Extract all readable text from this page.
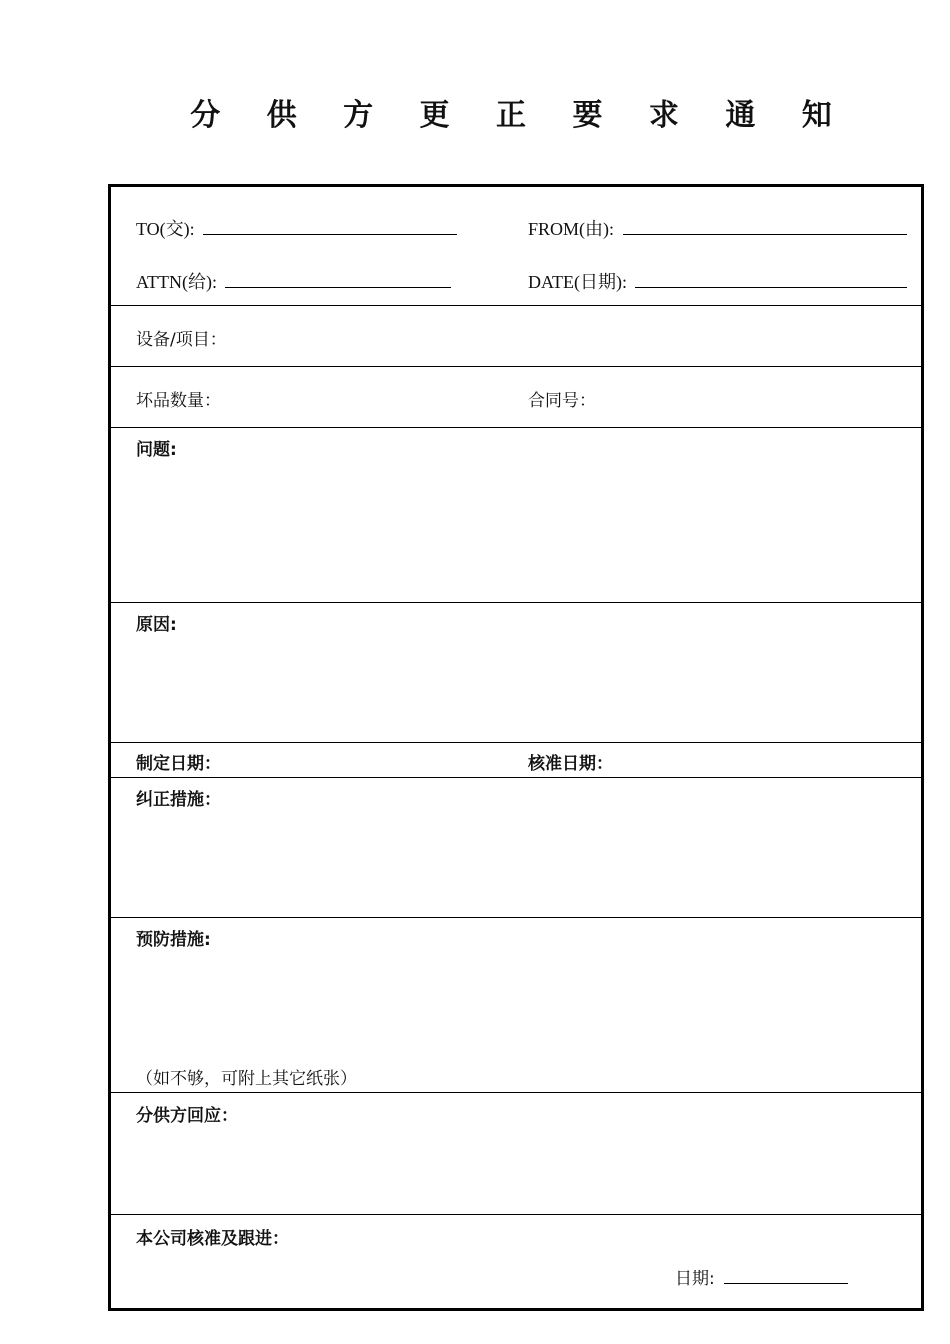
分 供 方 更 正 要 求 通 知
TO(交):	FROM(由):
ATTN(给):	DATE(日期):
设备/项目：
坏品数量：	合同号：
问题:
原因:
制定日期：	核准日期：
纠正措施：
预防措施:
（如不够，可附上其它纸张）
分供方回应：
本公司核准及跟进：
日期:
